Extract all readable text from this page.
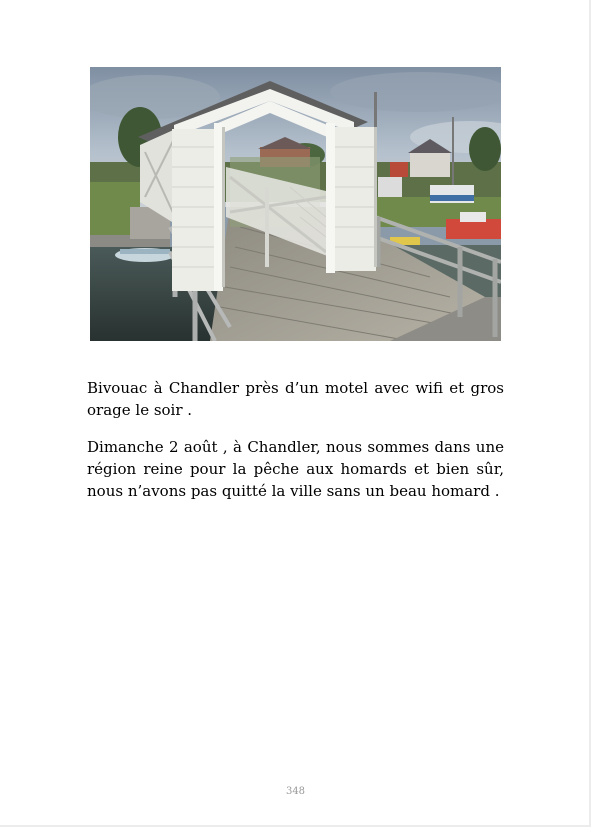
Bivouac à Chandler près d’un motel avec wifi et gros orage le soir .

Dimanche 2 août , à Chandler, nous sommes dans une région reine pour la pêche aux homards et bien sûr, nous n’avons pas quitté la ville sans un beau homard .

348
